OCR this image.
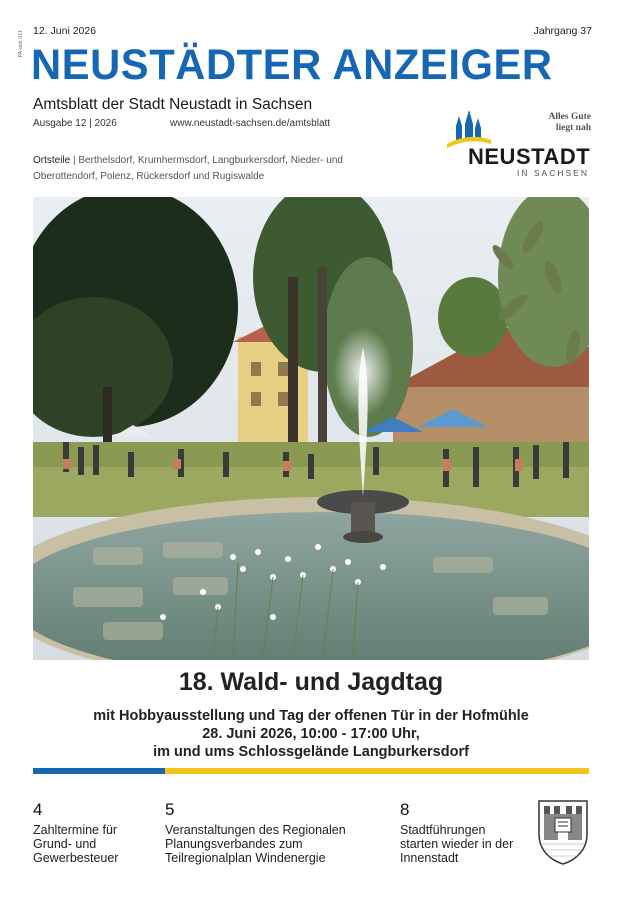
PA-abk 011 12. Juni 2026	Jahrgang 37
NEUSTÄDTER ANZEIGER
Amtsblatt der Stadt Neustadt in Sachsen
Ausgabe 12 | 2026	www.neustadt-sachsen.de/amtsblatt
Ortsteile | Berthelsdorf, Krumhermsdorf, Langburkersdorf, Nieder- und Oberottendorf, Polenz, Rückersdorf und Rugiswalde
Alles Gute
liegt nah
NEUSTADT
IN SACHSEN
18. Wald- und Jagdtag
mit Hobbyausstellung und Tag der offenen Tür in der Hofmühle
28. Juni 2026, 10:00 - 17:00 Uhr,
im und ums Schlossgelände Langburkersdorf
4
Zahltermine für Grund- und Gewerbesteuer
5
Veranstaltungen des Regionalen Planungsverbandes zum Teilregionalplan Windenergie
8
Stadtführungen starten wieder in der Innenstadt
